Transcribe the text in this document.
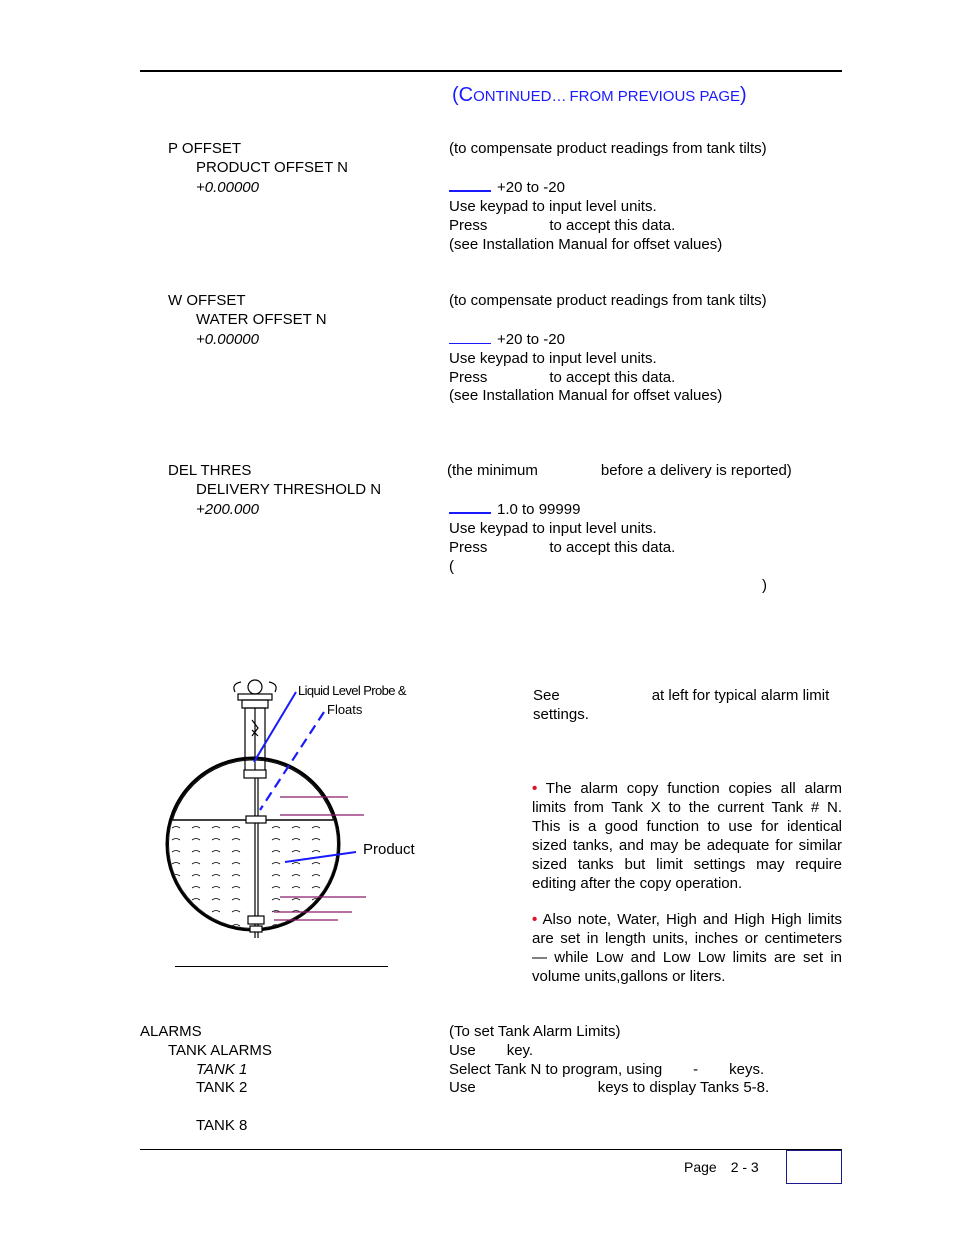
(CONTINUED… FROM PREVIOUS PAGE)
P OFFSET
PRODUCT OFFSET N
+0.00000
(to compensate product readings from tank tilts)
+20 to -20
Use keypad to input level units.
Press	to accept this data.
(see Installation Manual for offset values)
W OFFSET
WATER OFFSET N
+0.00000
(to compensate product readings from tank tilts)
+20 to -20
Use keypad to input level units.
Press	to accept this data.
(see Installation Manual for offset values)
DEL THRES
DELIVERY THRESHOLD N
+200.000
(the minimum	before a delivery is reported)
1.0 to 99999
Use keypad to input level units.
Press	to accept this data.
(
)
Liquid Level Probe &
Floats
Product
See	at left for typical alarm limit
settings.
• The alarm copy function copies all alarm limits from Tank X to the current Tank # N. This is a good function to use for identical sized tanks, and may be adequate for similar sized tanks but limit settings may require editing after the copy operation.
• Also note, Water, High and High High limits are set in length units, inches or centimeters — while Low and Low Low limits are set in volume units,gallons or liters.
ALARMS
TANK ALARMS
TANK 1
TANK 2
TANK 8
(To set Tank Alarm Limits)
Use key.
Select Tank N to program, using - keys.
Use	keys to display Tanks 5-8.
Page 2 - 3
